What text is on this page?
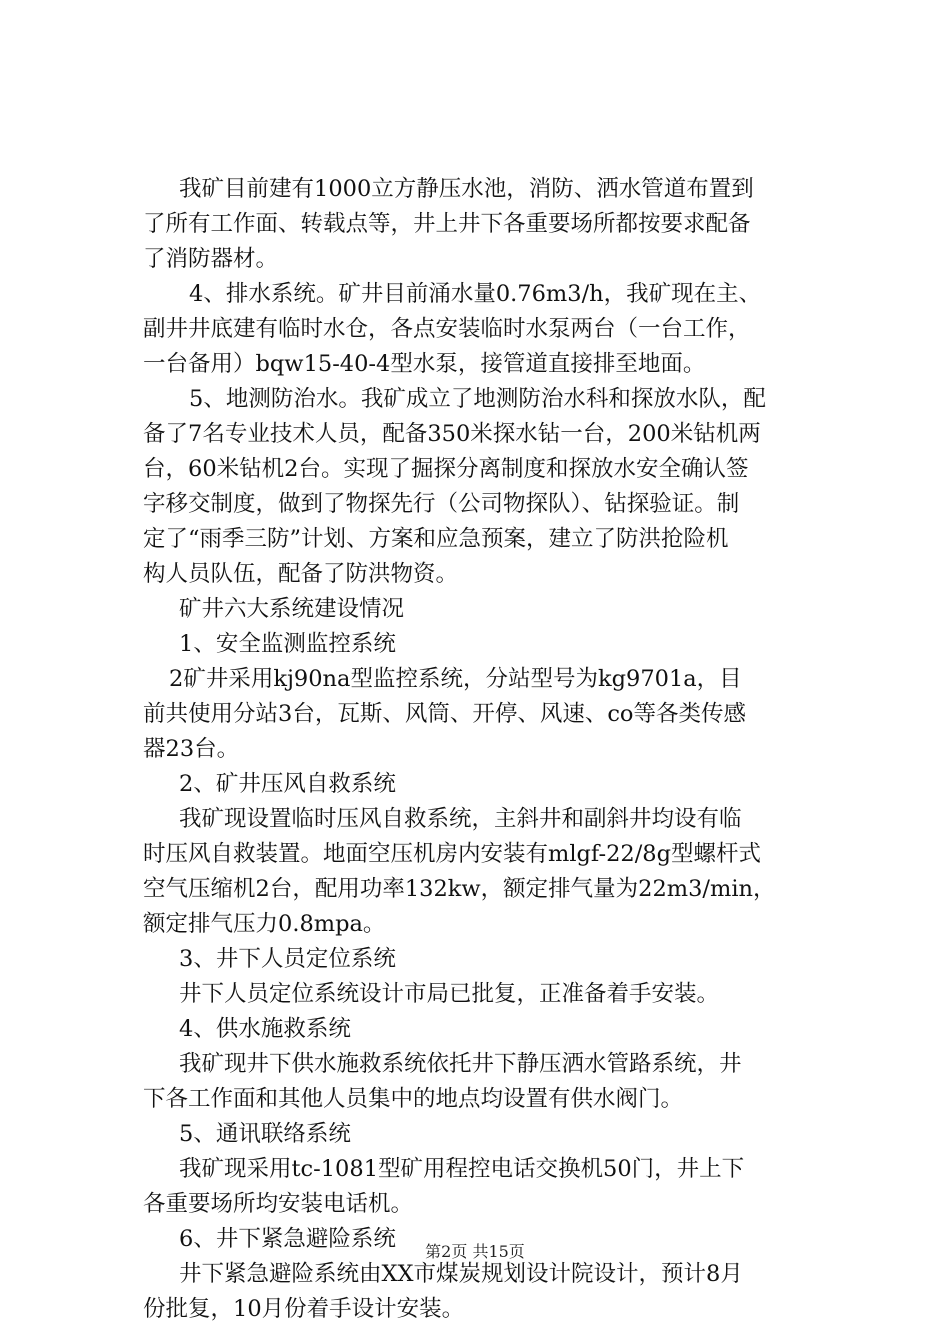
我矿目前建有1000立方静压水池，消防、洒水管道布置到
了所有工作面、转载点等，井上井下各重要场所都按要求配备
了消防器材。
4、排水系统。矿井目前涌水量0.76m3/h，我矿现在主、
副井井底建有临时水仓，各点安装临时水泵两台（一台工作，
一台备用）bqw15-40-4型水泵，接管道直接排至地面。
5、地测防治水。我矿成立了地测防治水科和探放水队，配
备了7名专业技术人员，配备350米探水钻一台，200米钻机两
台，60米钻机2台。实现了掘探分离制度和探放水安全确认签
字移交制度，做到了物探先行（公司物探队）、钻探验证。制
定了“雨季三防”计划、方案和应急预案，建立了防洪抢险机
构人员队伍，配备了防洪物资。
矿井六大系统建设情况
1、安全监测监控系统
2矿井采用kj90na型监控系统，分站型号为kg9701a，目
前共使用分站3台，瓦斯、风筒、开停、风速、co等各类传感
器23台。
2、矿井压风自救系统
我矿现设置临时压风自救系统，主斜井和副斜井均设有临
时压风自救装置。地面空压机房内安装有mlgf-22/8g型螺杆式
空气压缩机2台，配用功率132kw，额定排气量为22m3/min，
额定排气压力0.8mpa。
3、井下人员定位系统
井下人员定位系统设计市局已批复，正准备着手安装。
4、供水施救系统
我矿现井下供水施救系统依托井下静压洒水管路系统，井
下各工作面和其他人员集中的地点均设置有供水阀门。
5、通讯联络系统
我矿现采用tc-1081型矿用程控电话交换机50门，井上下
各重要场所均安装电话机。
6、井下紧急避险系统
井下紧急避险系统由XX市煤炭规划设计院设计，预计8月
份批复，10月份着手设计安装。
第2页 共15页
